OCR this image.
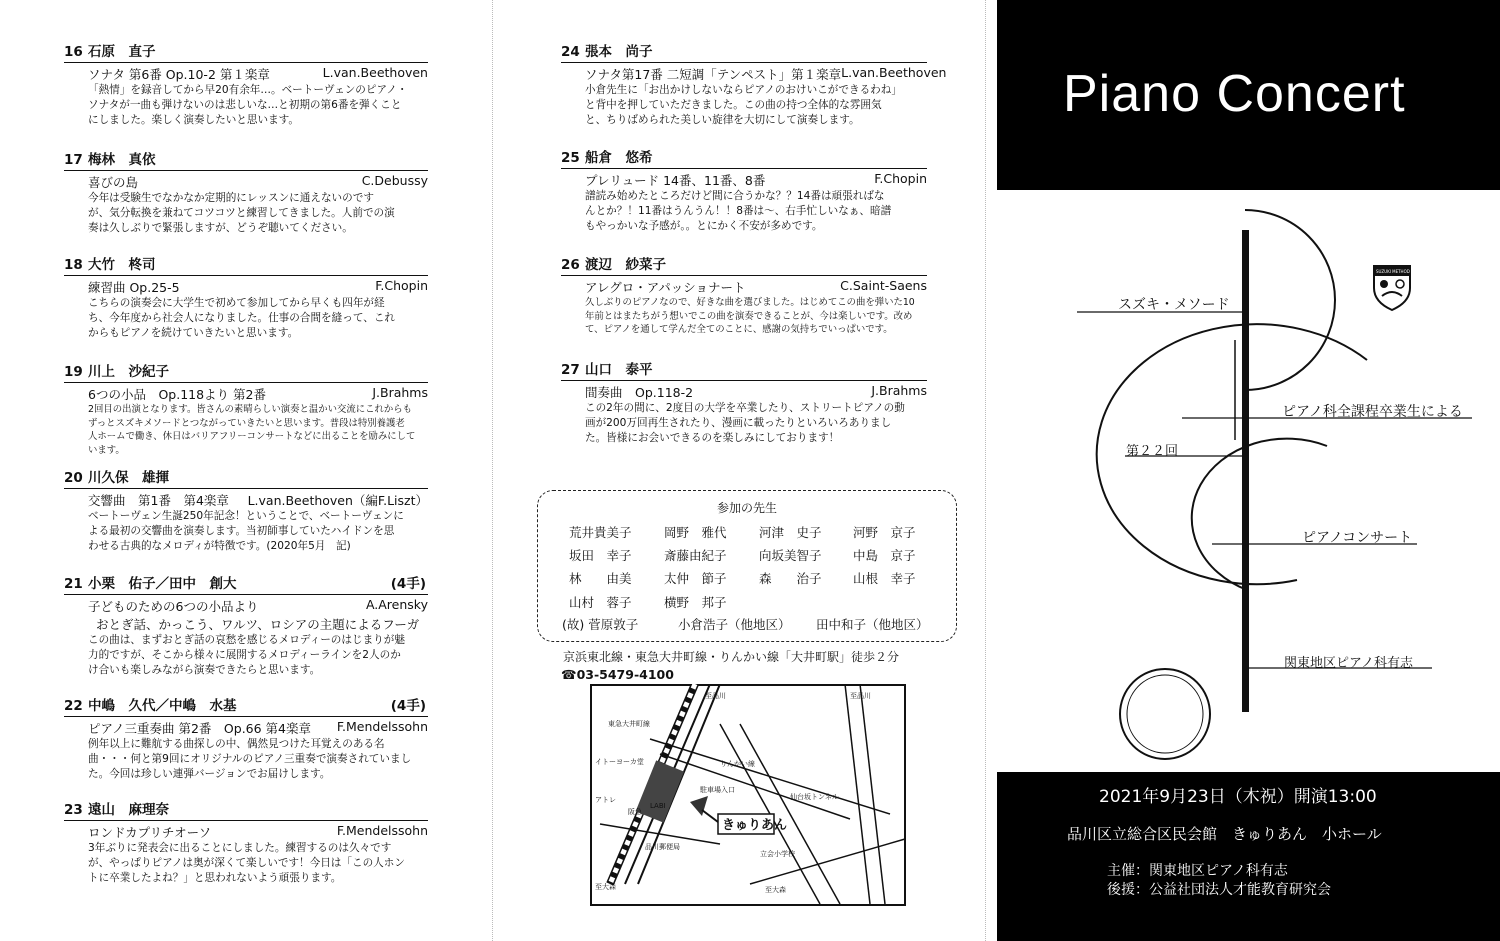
参加の先生
荒井貴美子	岡野　雅代	河津　史子	河野　京子
坂田　幸子	斎藤由紀子	向坂美智子	中島　京子
林　　由美	太仲　節子	森　　治子	山根　幸子
山村　蓉子	横野　邦子
(故) 菅原敦子	小倉浩子（他地区） 田中和子（他地区）
京浜東北線・東急大井町線・りんかい線「大井町駅」徒歩２分
☎03-5479-4100
きゅりあん
至品川	至品川
至大森	至大森
東急大井町線
りんかい線
仙台坂トンネル
駐車場入口
立会小学校
品川郵便局
阪急
LABI
アトレ
イトーヨーカ堂
Piano Concert
SUZUKI METHOD
スズキ・メソード
ピアノ科全課程卒業生による
第２２回
ピアノコンサート
関東地区ピアノ科有志
2021年9月23日（木祝）開演13:00
品川区立総合区民会館　きゅりあん　小ホール
主催：関東地区ピアノ科有志
後援：公益社団法人才能教育研究会
16 石原　直子
ソナタ 第6番 Op.10-2 第１楽章	L.van.Beethoven
「熱情」を録音してから早20有余年…。ベートーヴェンのピアノ・
ソナタが一曲も弾けないのは悲しいな…と初期の第6番を弾くこと
にしました。楽しく演奏したいと思います。
17 梅林　真依
喜びの島	C.Debussy
今年は受験生でなかなか定期的にレッスンに通えないのです
が、気分転換を兼ねてコツコツと練習してきました。人前での演
奏は久しぶりで緊張しますが、どうぞ聴いてください。
18 大竹　柊司
練習曲 Op.25-5	F.Chopin
こちらの演奏会に大学生で初めて参加してから早くも四年が経
ち、今年度から社会人になりました。仕事の合間を縫って、これ
からもピアノを続けていきたいと思います。
19 川上　沙紀子
6つの小品　Op.118より 第2番	J.Brahms
2回目の出演となります。皆さんの素晴らしい演奏と温かい交流にこれからも
ずっとスズキメソードとつながっていきたいと思います。普段は特別養護老
人ホームで働き、休日はバリアフリーコンサートなどに出ることを励みにして
います。
20 川久保　雄揮
交響曲　第1番　第4楽章 L.van.Beethoven（編F.Liszt）
ベートーヴェン生誕250年記念！ということで、ベートーヴェンに
よる最初の交響曲を演奏します。当初師事していたハイドンを思
わせる古典的なメロディが特徴です。(2020年5月　記)
21 小栗　佑子／田中　創大	(4手)
子どものための6つの小品より	A.Arensky
おとぎ話、かっこう、ワルツ、ロシアの主題によるフーガ
この曲は、まずおとぎ話の哀愁を感じるメロディーのはじまりが魅
力的ですが、そこから様々に展開するメロディーラインを2人のか
け合いも楽しみながら演奏できたらと思います。
22 中嶋　久代／中嶋　水基	(4手)
ピアノ三重奏曲 第2番　Op.66 第4楽章 F.Mendelssohn
例年以上に難航する曲探しの中、偶然見つけた耳覚えのある名
曲・・・何と第9回にオリジナルのピアノ三重奏で演奏されていまし
た。今回は珍しい連弾バージョンでお届けします。
23 遠山　麻理奈
ロンドカプリチオーソ	F.Mendelssohn
3年ぶりに発表会に出ることにしました。練習するのは久々です
が、やっぱりピアノは奥が深くて楽しいです！今日は「この人ホン
トに卒業したよね？」と思われないよう頑張ります。
24 張本　尚子
ソナタ第17番 二短調「テンペスト」第１楽章 L.van.Beethoven
小倉先生に「お出かけしないならピアノのおけいこができるわね」
と背中を押していただきました。この曲の持つ全体的な雰囲気
と、ちりばめられた美しい旋律を大切にして演奏します。
25 船倉　悠希
プレリュード 14番、11番、8番	F.Chopin
譜読み始めたところだけど間に合うかな？？14番は頑張ればな
んとか？！11番はうんうん！！8番は～、右手忙しいなぁ、暗譜
もやっかいな予感が。。とにかく不安が多めです。
26 渡辺　紗菜子
アレグロ・アパッショナート	C.Saint-Saens
久しぶりのピアノなので、好きな曲を選びました。はじめてこの曲を弾いた10
年前とはまたちがう想いでこの曲を演奏できることが、今は楽しいです。改め
て、ピアノを通して学んだ全てのことに、感謝の気持ちでいっぱいです。
27 山口　泰平
間奏曲　Op.118-2	J.Brahms
この2年の間に、2度目の大学を卒業したり、ストリートピアノの動
画が200万回再生されたり、漫画に載ったりといろいろありまし
た。皆様にお会いできるのを楽しみにしております！
